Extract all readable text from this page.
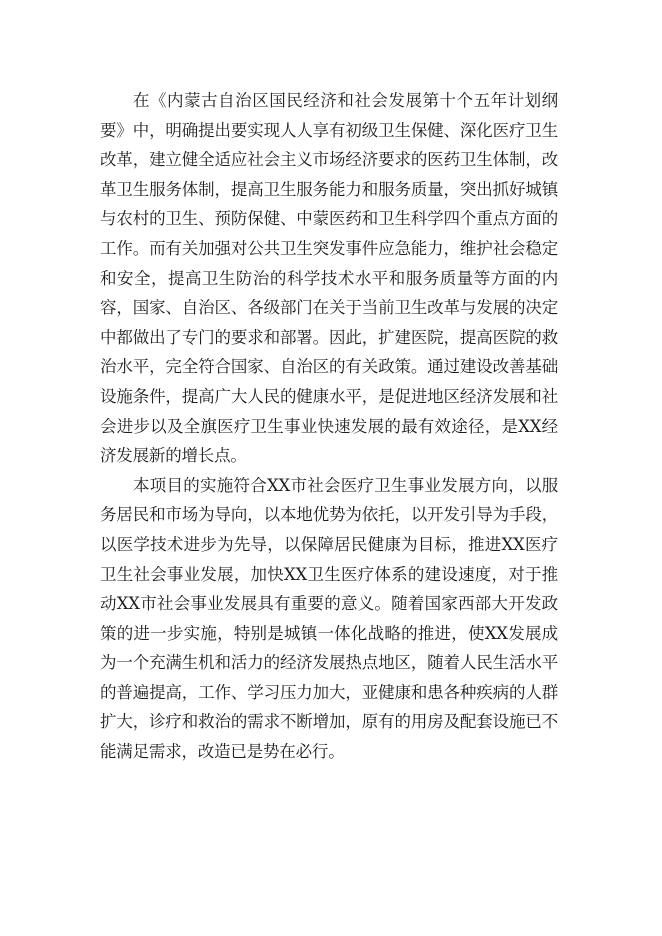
在《内蒙古自治区国民经济和社会发展第十个五年计划纲要》中，明确提出要实现人人享有初级卫生保健、深化医疗卫生改革，建立健全适应社会主义市场经济要求的医药卫生体制，改革卫生服务体制，提高卫生服务能力和服务质量，突出抓好城镇与农村的卫生、预防保健、中蒙医药和卫生科学四个重点方面的工作。而有关加强对公共卫生突发事件应急能力，维护社会稳定和安全，提高卫生防治的科学技术水平和服务质量等方面的内容，国家、自治区、各级部门在关于当前卫生改革与发展的决定中都做出了专门的要求和部署。因此，扩建医院，提高医院的救治水平，完全符合国家、自治区的有关政策。通过建设改善基础设施条件，提高广大人民的健康水平，是促进地区经济发展和社会进步以及全旗医疗卫生事业快速发展的最有效途径，是XX经济发展新的增长点。

本项目的实施符合XX市社会医疗卫生事业发展方向，以服务居民和市场为导向，以本地优势为依托，以开发引导为手段，以医学技术进步为先导，以保障居民健康为目标，推进XX医疗卫生社会事业发展，加快XX卫生医疗体系的建设速度，对于推动XX市社会事业发展具有重要的意义。随着国家西部大开发政策的进一步实施，特别是城镇一体化战略的推进，使XX发展成为一个充满生机和活力的经济发展热点地区，随着人民生活水平的普遍提高，工作、学习压力加大，亚健康和患各种疾病的人群扩大，诊疗和救治的需求不断增加，原有的用房及配套设施已不能满足需求，改造已是势在必行。
